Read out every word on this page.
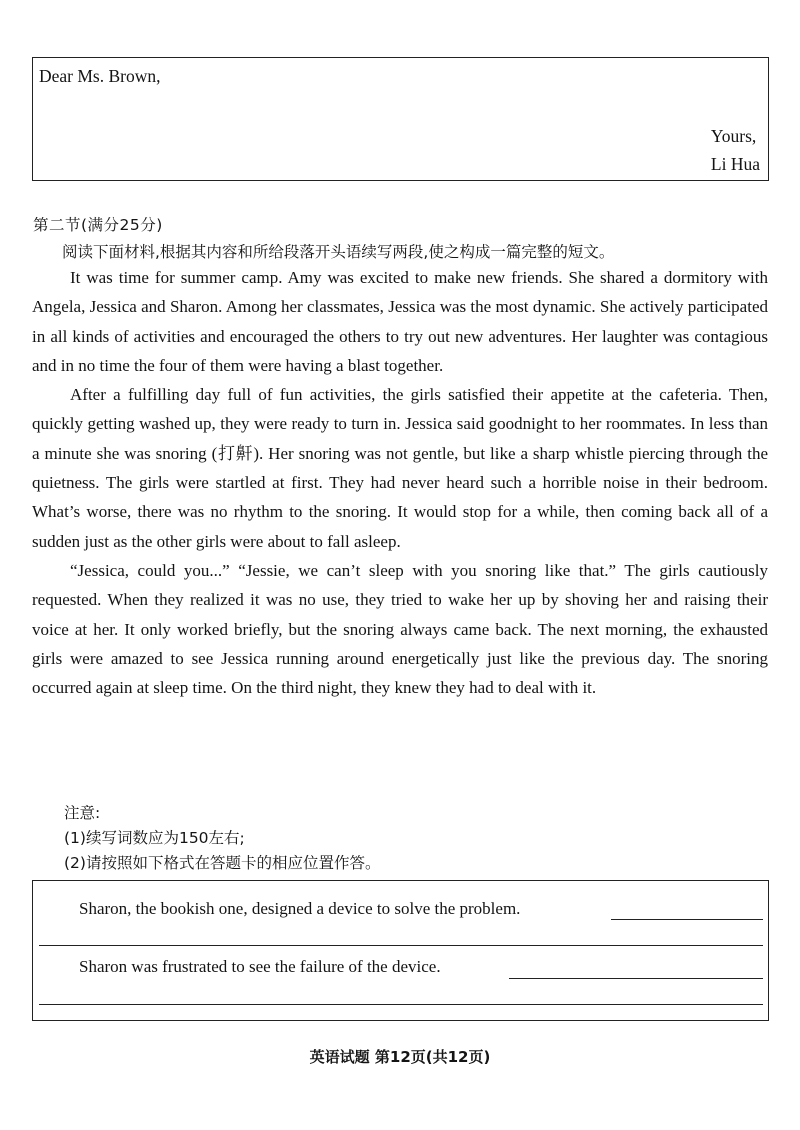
Dear Ms. Brown,
Yours,
Li Hua
第二节(满分25分)
阅读下面材料,根据其内容和所给段落开头语续写两段,使之构成一篇完整的短文。

It was time for summer camp. Amy was excited to make new friends. She shared a dormitory with Angela, Jessica and Sharon. Among her classmates, Jessica was the most dynamic. She actively participated in all kinds of activities and encouraged the others to try out new adventures. Her laughter was contagious and in no time the four of them were having a blast together.

After a fulfilling day full of fun activities, the girls satisfied their appetite at the cafeteria. Then, quickly getting washed up, they were ready to turn in. Jessica said goodnight to her roommates. In less than a minute she was snoring (打鼾). Her snoring was not gentle, but like a sharp whistle piercing through the quietness. The girls were startled at first. They had never heard such a horrible noise in their bedroom. What’s worse, there was no rhythm to the snoring. It would stop for a while, then coming back all of a sudden just as the other girls were about to fall asleep.

“Jessica, could you...” “Jessie, we can’t sleep with you snoring like that.” The girls cautiously requested. When they realized it was no use, they tried to wake her up by shoving her and raising their voice at her. It only worked briefly, but the snoring always came back. The next morning, the exhausted girls were amazed to see Jessica running around energetically just like the previous day. The snoring occurred again at sleep time. On the third night, they knew they had to deal with it.

注意:
(1)续写词数应为150左右;
(2)请按照如下格式在答题卡的相应位置作答。
Sharon, the bookish one, designed a device to solve the problem.
Sharon was frustrated to see the failure of the device.
英语试题 第12页(共12页)
